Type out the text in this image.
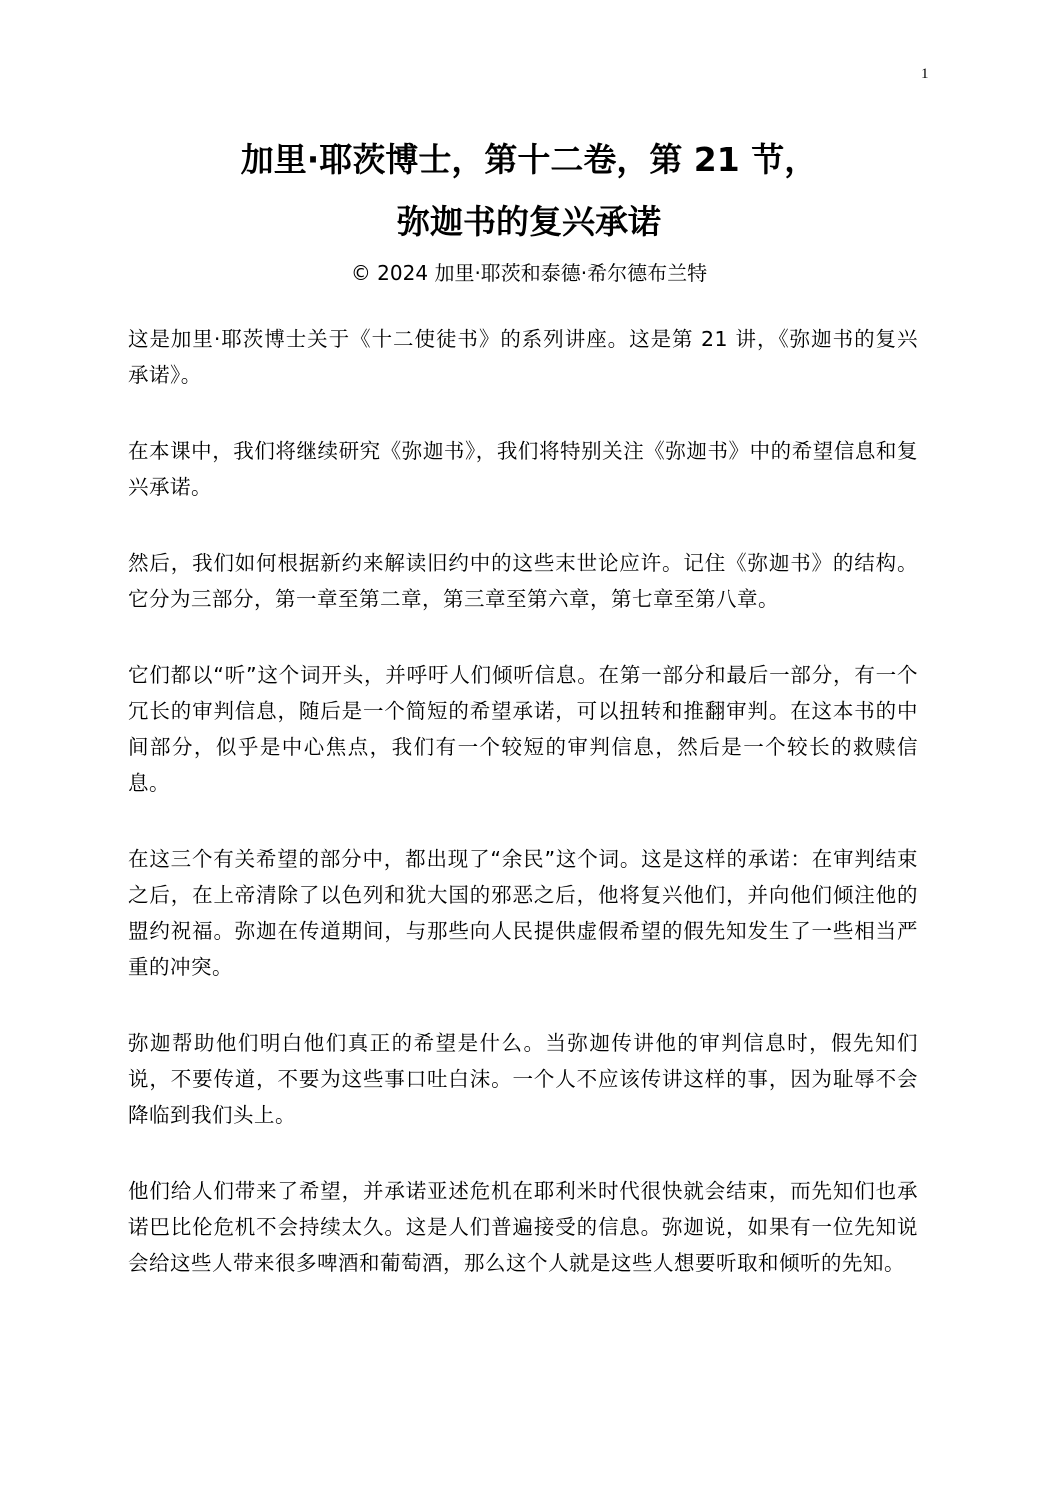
1
加里·耶茨博士，第十二卷，第 21 节，
弥迦书的复兴承诺
© 2024 加里·耶茨和泰德·希尔德布兰特

这是加里·耶茨博士关于《十二使徒书》的系列讲座。这是第 21 讲，《弥迦书的复兴承诺》。

在本课中，我们将继续研究《弥迦书》，我们将特别关注《弥迦书》中的希望信息和复兴承诺。

然后，我们如何根据新约来解读旧约中的这些末世论应许。记住《弥迦书》的结构。它分为三部分，第一章至第二章，第三章至第六章，第七章至第八章。

它们都以“听”这个词开头，并呼吁人们倾听信息。在第一部分和最后一部分，有一个冗长的审判信息，随后是一个简短的希望承诺，可以扭转和推翻审判。在这本书的中间部分，似乎是中心焦点，我们有一个较短的审判信息，然后是一个较长的救赎信息。

在这三个有关希望的部分中，都出现了“余民”这个词。这是这样的承诺：在审判结束之后，在上帝清除了以色列和犹大国的邪恶之后，他将复兴他们，并向他们倾注他的盟约祝福。弥迦在传道期间，与那些向人民提供虚假希望的假先知发生了一些相当严重的冲突。

弥迦帮助他们明白他们真正的希望是什么。当弥迦传讲他的审判信息时，假先知们说，不要传道，不要为这些事口吐白沫。一个人不应该传讲这样的事，因为耻辱不会降临到我们头上。

他们给人们带来了希望，并承诺亚述危机在耶利米时代很快就会结束，而先知们也承诺巴比伦危机不会持续太久。这是人们普遍接受的信息。弥迦说，如果有一位先知说会给这些人带来很多啤酒和葡萄酒，那么这个人就是这些人想要听取和倾听的先知。
